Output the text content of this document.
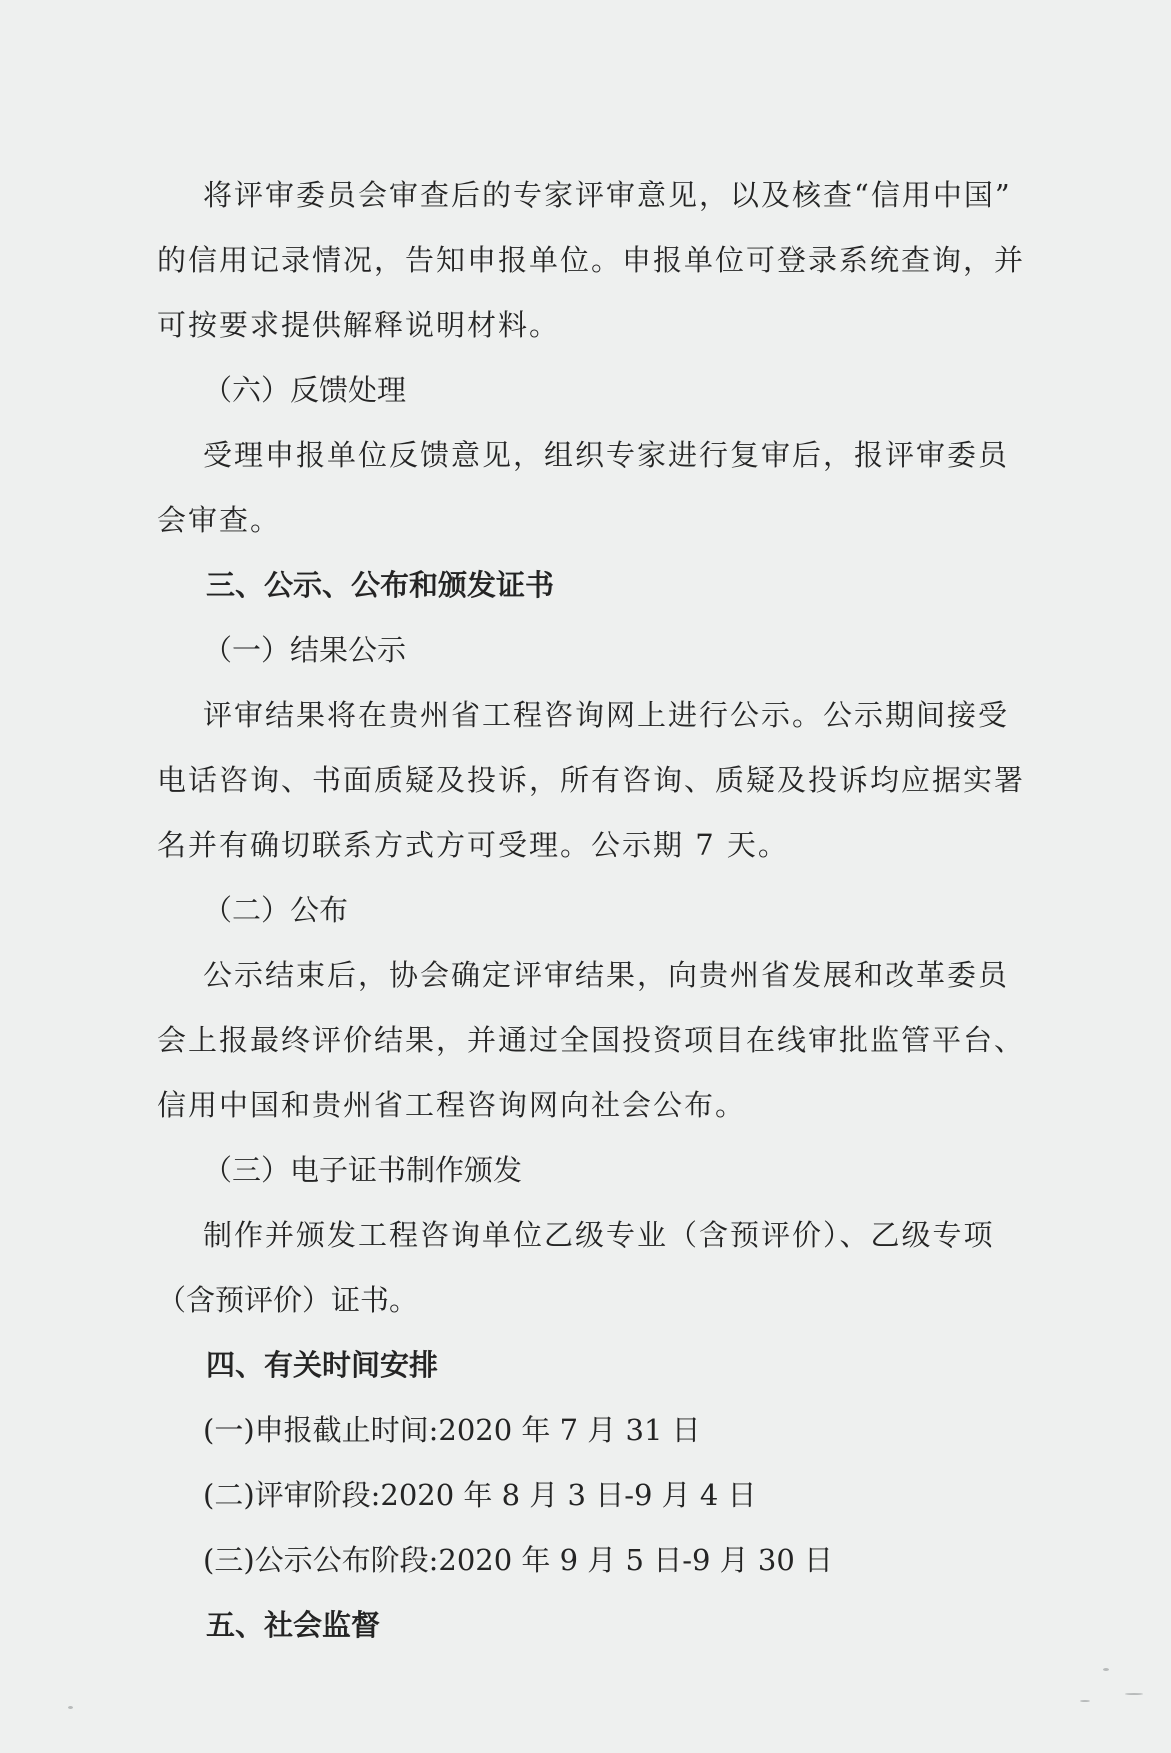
将评审委员会审查后的专家评审意见，以及核查“信用中国”
的信用记录情况，告知申报单位。申报单位可登录系统查询，并
可按要求提供解释说明材料。
（六）反馈处理
受理申报单位反馈意见，组织专家进行复审后，报评审委员
会审查。
三、公示、公布和颁发证书
（一）结果公示
评审结果将在贵州省工程咨询网上进行公示。公示期间接受
电话咨询、书面质疑及投诉，所有咨询、质疑及投诉均应据实署
名并有确切联系方式方可受理。公示期 7 天。
（二）公布
公示结束后，协会确定评审结果，向贵州省发展和改革委员
会上报最终评价结果，并通过全国投资项目在线审批监管平台、
信用中国和贵州省工程咨询网向社会公布。
（三）电子证书制作颁发
制作并颁发工程咨询单位乙级专业（含预评价）、乙级专项
（含预评价）证书。
四、有关时间安排
(一)申报截止时间:2020 年 7 月 31 日
(二)评审阶段:2020 年 8 月 3 日-9 月 4 日
(三)公示公布阶段:2020 年 9 月 5 日-9 月 30 日
五、社会监督
